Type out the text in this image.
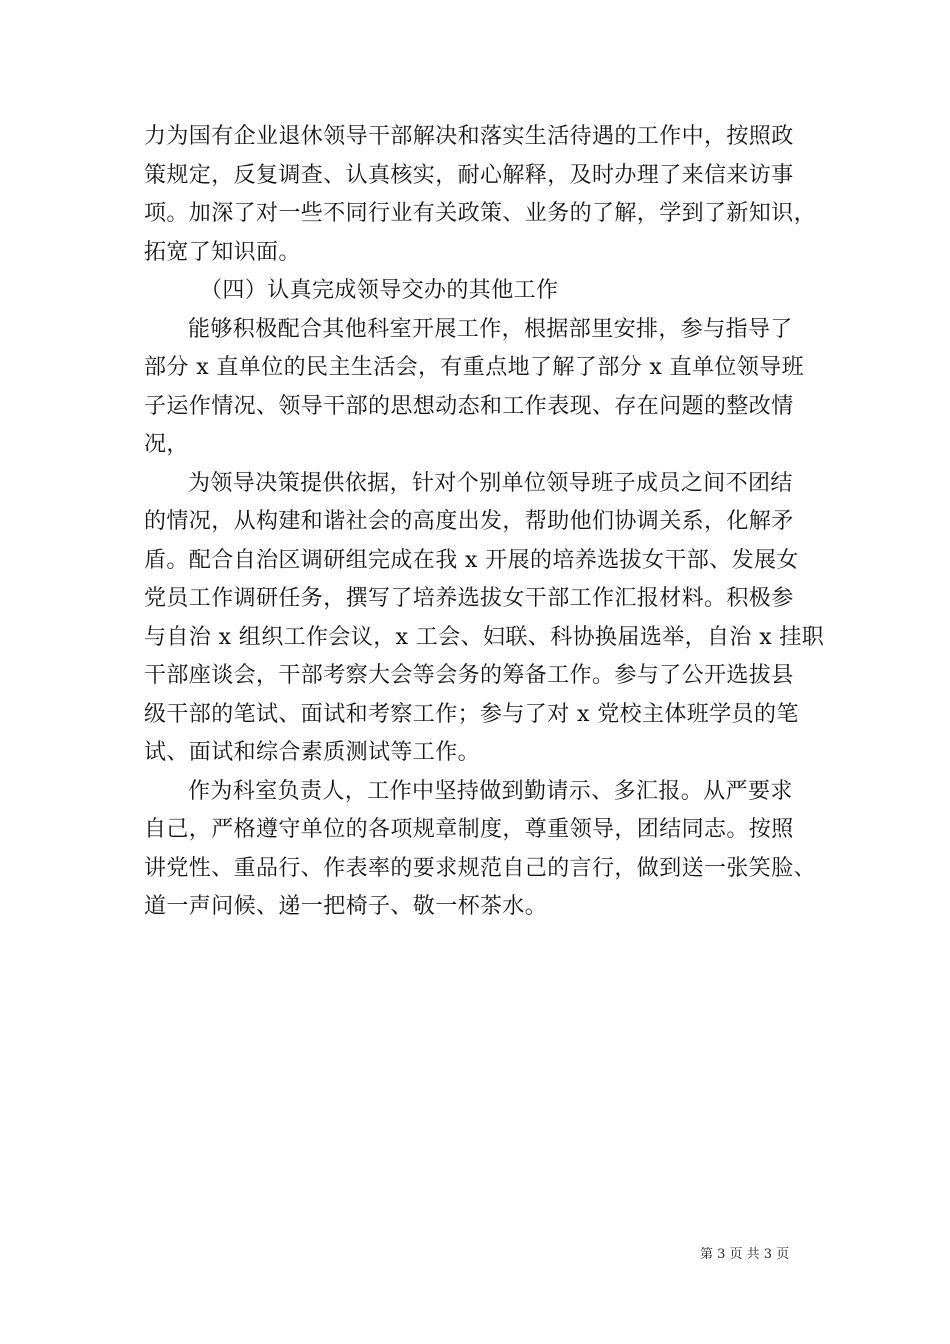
力为国有企业退休领导干部解决和落实生活待遇的工作中，按照政
策规定，反复调查、认真核实，耐心解释，及时办理了来信来访事
项。加深了对一些不同行业有关政策、业务的了解，学到了新知识，
拓宽了知识面。
（四）认真完成领导交办的其他工作
能够积极配合其他科室开展工作，根据部里安排，参与指导了
部分 x 直单位的民主生活会，有重点地了解了部分 x 直单位领导班
子运作情况、领导干部的思想动态和工作表现、存在问题的整改情
况，
为领导决策提供依据，针对个别单位领导班子成员之间不团结
的情况，从构建和谐社会的高度出发，帮助他们协调关系，化解矛
盾。配合自治区调研组完成在我 x 开展的培养选拔女干部、发展女
党员工作调研任务，撰写了培养选拔女干部工作汇报材料。积极参
与自治 x 组织工作会议，x 工会、妇联、科协换届选举，自治 x 挂职
干部座谈会，干部考察大会等会务的筹备工作。参与了公开选拔县
级干部的笔试、面试和考察工作；参与了对 x 党校主体班学员的笔
试、面试和综合素质测试等工作。
作为科室负责人，工作中坚持做到勤请示、多汇报。从严要求
自己，严格遵守单位的各项规章制度，尊重领导，团结同志。按照
讲党性、重品行、作表率的要求规范自己的言行，做到送一张笑脸、
道一声问候、递一把椅子、敬一杯茶水。
第 3 页 共 3 页
